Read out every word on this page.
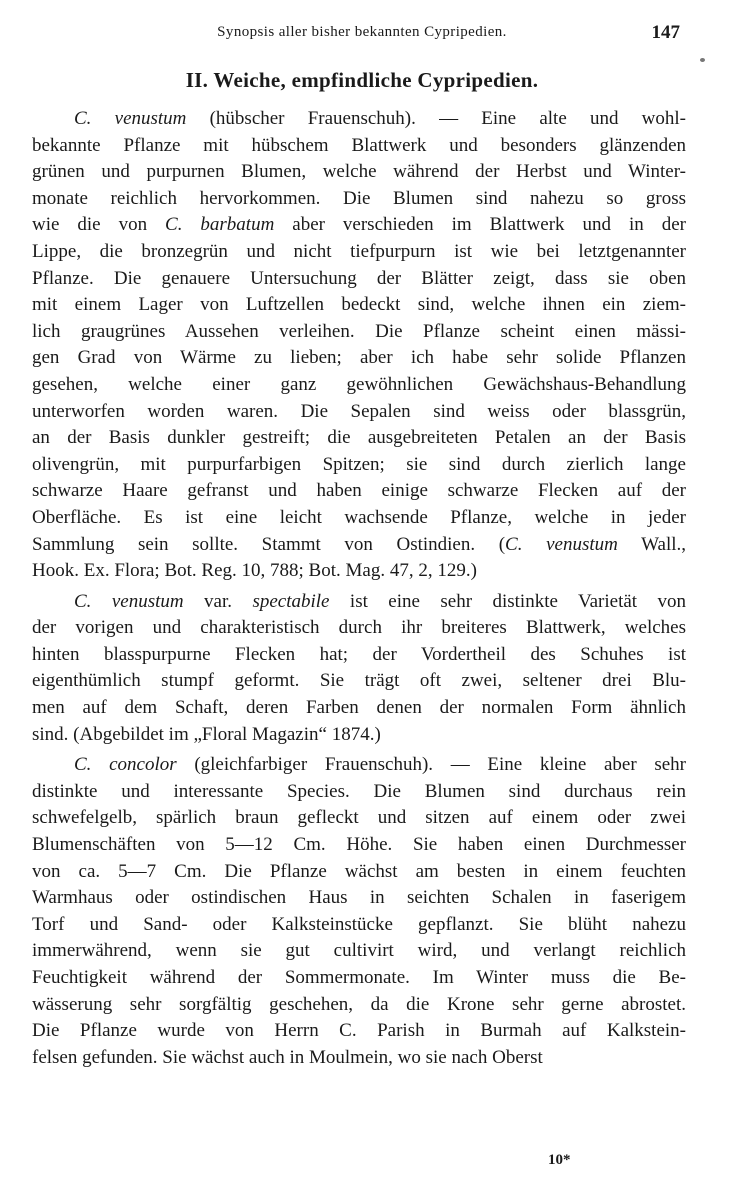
Synopsis aller bisher bekannten Cypripedien.	147
II. Weiche, empfindliche Cypripedien.
C. venustum (hübscher Frauenschuh). — Eine alte und wohl-
bekannte Pflanze mit hübschem Blattwerk und besonders glänzenden
grünen und purpurnen Blumen, welche während der Herbst und Winter-
monate reichlich hervorkommen. Die Blumen sind nahezu so gross
wie die von C. barbatum aber verschieden im Blattwerk und in der
Lippe, die bronzegrün und nicht tiefpurpurn ist wie bei letztgenannter
Pflanze. Die genauere Untersuchung der Blätter zeigt, dass sie oben
mit einem Lager von Luftzellen bedeckt sind, welche ihnen ein ziem-
lich graugrünes Aussehen verleihen. Die Pflanze scheint einen mässi-
gen Grad von Wärme zu lieben; aber ich habe sehr solide Pflanzen
gesehen, welche einer ganz gewöhnlichen Gewächshaus-Behandlung
unterworfen worden waren. Die Sepalen sind weiss oder blassgrün,
an der Basis dunkler gestreift; die ausgebreiteten Petalen an der Basis
olivengrün, mit purpurfarbigen Spitzen; sie sind durch zierlich lange
schwarze Haare gefranst und haben einige schwarze Flecken auf der
Oberfläche. Es ist eine leicht wachsende Pflanze, welche in jeder
Sammlung sein sollte. Stammt von Ostindien. (C. venustum Wall.,
Hook. Ex. Flora; Bot. Reg. 10, 788; Bot. Mag. 47, 2, 129.)
C. venustum var. spectabile ist eine sehr distinkte Varietät von
der vorigen und charakteristisch durch ihr breiteres Blattwerk, welches
hinten blasspurpurne Flecken hat; der Vordertheil des Schuhes ist
eigenthümlich stumpf geformt. Sie trägt oft zwei, seltener drei Blu-
men auf dem Schaft, deren Farben denen der normalen Form ähnlich
sind. (Abgebildet im „Floral Magazin“ 1874.)
C. concolor (gleichfarbiger Frauenschuh). — Eine kleine aber sehr
distinkte und interessante Species. Die Blumen sind durchaus rein
schwefelgelb, spärlich braun gefleckt und sitzen auf einem oder zwei
Blumenschäften von 5—12 Cm. Höhe. Sie haben einen Durchmesser
von ca. 5—7 Cm. Die Pflanze wächst am besten in einem feuchten
Warmhaus oder ostindischen Haus in seichten Schalen in faserigem
Torf und Sand- oder Kalksteinstücke gepflanzt. Sie blüht nahezu
immerwährend, wenn sie gut cultivirt wird, und verlangt reichlich
Feuchtigkeit während der Sommermonate. Im Winter muss die Be-
wässerung sehr sorgfältig geschehen, da die Krone sehr gerne abrostet.
Die Pflanze wurde von Herrn C. Parish in Burmah auf Kalkstein-
felsen gefunden. Sie wächst auch in Moulmein, wo sie nach Oberst
10*
